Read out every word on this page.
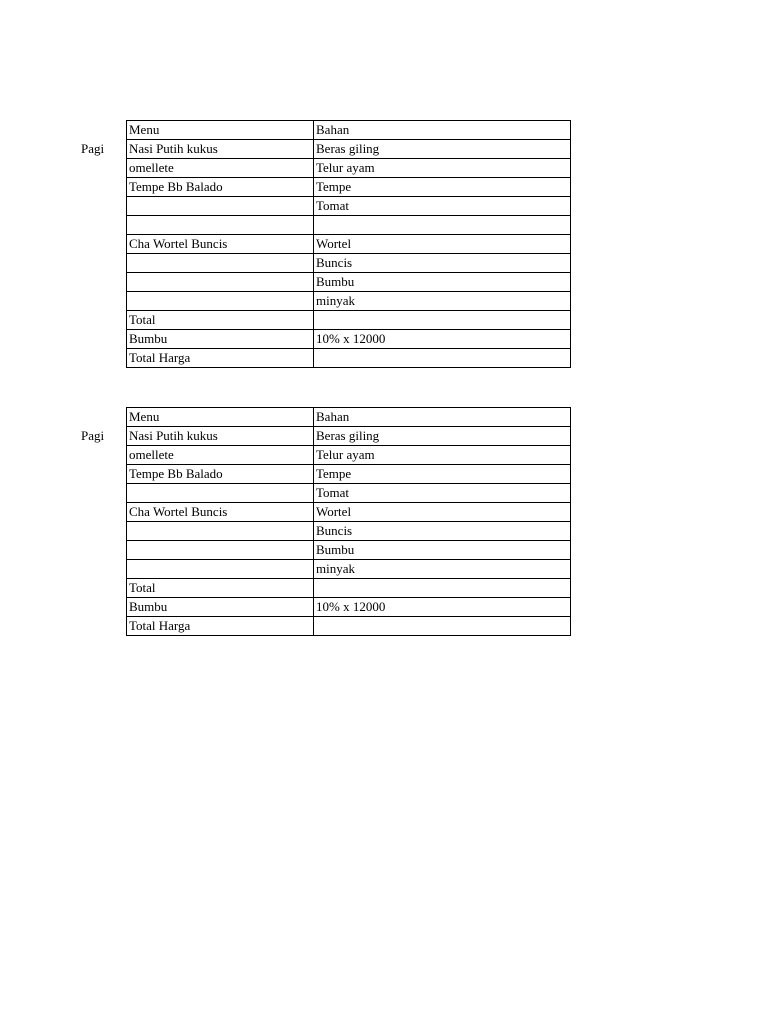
Pagi
Menu	Bahan
Nasi Putih kukus	Beras giling
omellete	Telur ayam
Tempe Bb Balado	Tempe
	Tomat

Cha Wortel Buncis	Wortel
	Buncis
	Bumbu
	minyak
Total	
Bumbu	10% x 12000
Total Harga	
Pagi
Menu	Bahan
Nasi Putih kukus	Beras giling
omellete	Telur ayam
Tempe Bb Balado	Tempe
	Tomat
Cha Wortel Buncis	Wortel
	Buncis
	Bumbu
	minyak
Total	
Bumbu	10% x 12000
Total Harga	
